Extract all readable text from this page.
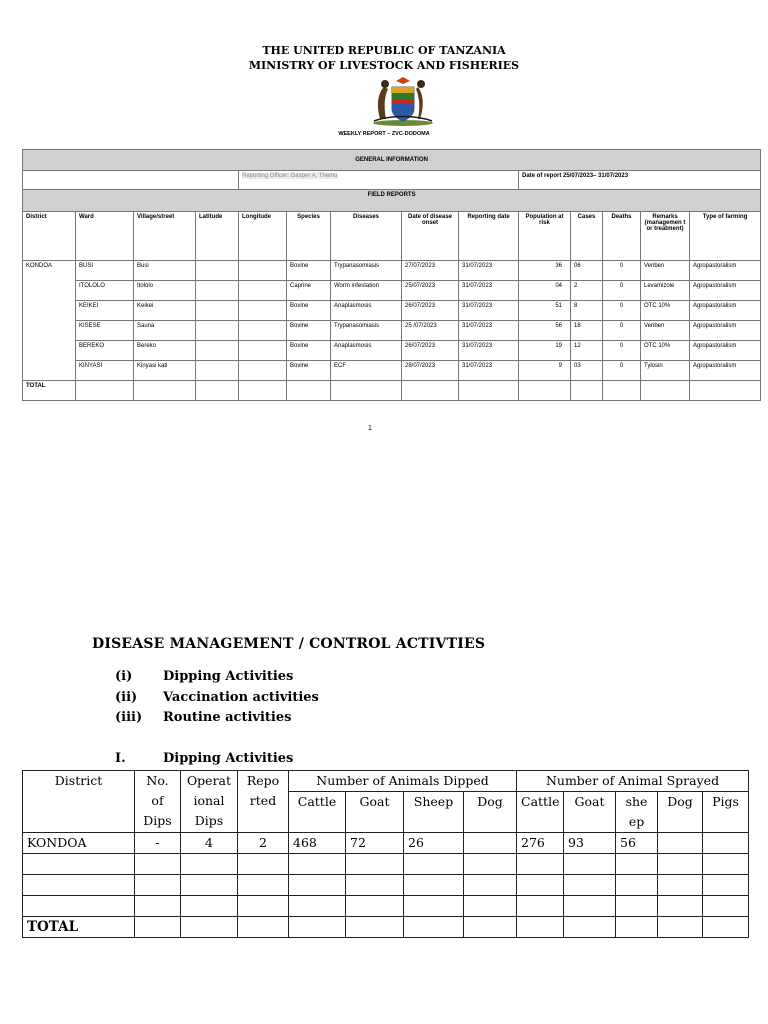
THE UNITED REPUBLIC OF TANZANIA
MINISTRY OF LIVESTOCK AND FISHERIES
WEEKLY REPORT – ZVC-DODOMA
GENERAL INFORMATION													
				Reporting Officer: Gasper A. Themu					Date of report 25/07/2023– 31/07/2023				
FIELD REPORTS													
District	Ward	Village/street	Latitude	Longitude	Species	Diseases	Date of disease onset	Reporting date	Population at risk	Cases	Deaths	Remarks (managemen t or treatment)	Type of farming
KONDOA	BUSI	Busi			Bovine	Trypanasomiasis	27/07/2023	31/07/2023	36	06	0	Veriben	Agropastoralism
	ITOLOLO	Itololo			Caprine	Worm infestation	25/07/2023	31/07/2023	04	2	0	Levamizole	Agropastoralism
	KEIKEI	Keikei			Bovine	Anaplasmosis	26/07/2023	31/07/2023	51	8	0	OTC 10%	Agropastoralism
	KISESE	Sauna			Bovine	Trypanasomiasis	25 /07/2023	31/07/2023	56	16	0	Veriben	Agropastoralism
	BEREKO	Bereko			Bovine	Anaplasmosis	26/07/2023	31/07/2023	19	12	0	OTC 10%	Agropastoralism
	KINYASI	Kinyasi kati			Bovine	ECF	28/07/2023	31/07/2023	9	03	0	Tylosin	Agropastoralism
TOTAL													
1
DISEASE MANAGEMENT / CONTROL ACTIVTIES
(i) Dipping Activities
(ii) Vaccination activities
(iii) Routine activities
I.	Dipping Activities
District	No. of Dips	Operat ional Dips	Repo rted	Number of Animals Dipped				Number of Animal Sprayed				
				Cattle	Goat	Sheep	Dog	Cattle	Goat	she ep	Dog	Pigs

KONDOA	-	4	2	468	72	26		276	93	56		

TOTAL												
